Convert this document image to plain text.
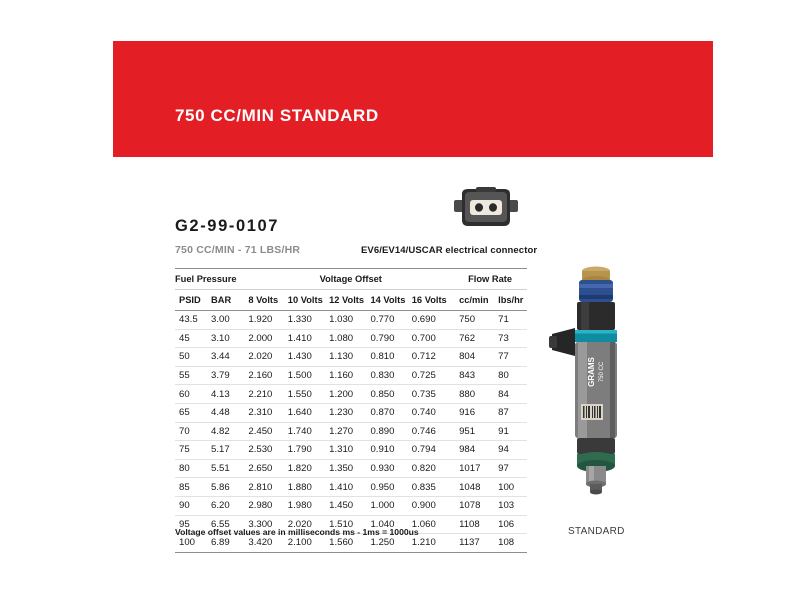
750 CC/MIN STANDARD
G2-99-0107
750 CC/MIN - 71 LBS/HR	EV6/EV14/USCAR electrical connector
Fuel Pressure		Voltage Offset					Flow Rate	
PSID	BAR	8 Volts	10 Volts	12 Volts	14 Volts	16 Volts	cc/min	lbs/hr
43.5	3.00	1.920	1.330	1.030	0.770	0.690	750	71
45	3.10	2.000	1.410	1.080	0.790	0.700	762	73
50	3.44	2.020	1.430	1.130	0.810	0.712	804	77
55	3.79	2.160	1.500	1.160	0.830	0.725	843	80
60	4.13	2.210	1.550	1.200	0.850	0.735	880	84
65	4.48	2.310	1.640	1.230	0.870	0.740	916	87
70	4.82	2.450	1.740	1.270	0.890	0.746	951	91
75	5.17	2.530	1.790	1.310	0.910	0.794	984	94
80	5.51	2.650	1.820	1.350	0.930	0.820	1017	97
85	5.86	2.810	1.880	1.410	0.950	0.835	1048	100
90	6.20	2.980	1.980	1.450	1.000	0.900	1078	103
95	6.55	3.300	2.020	1.510	1.040	1.060	1108	106
100	6.89	3.420	2.100	1.560	1.250	1.210	1137	108
Voltage offset values are in milliseconds ms - 1ms = 1000us
GRAMS 750 CC
STANDARD
